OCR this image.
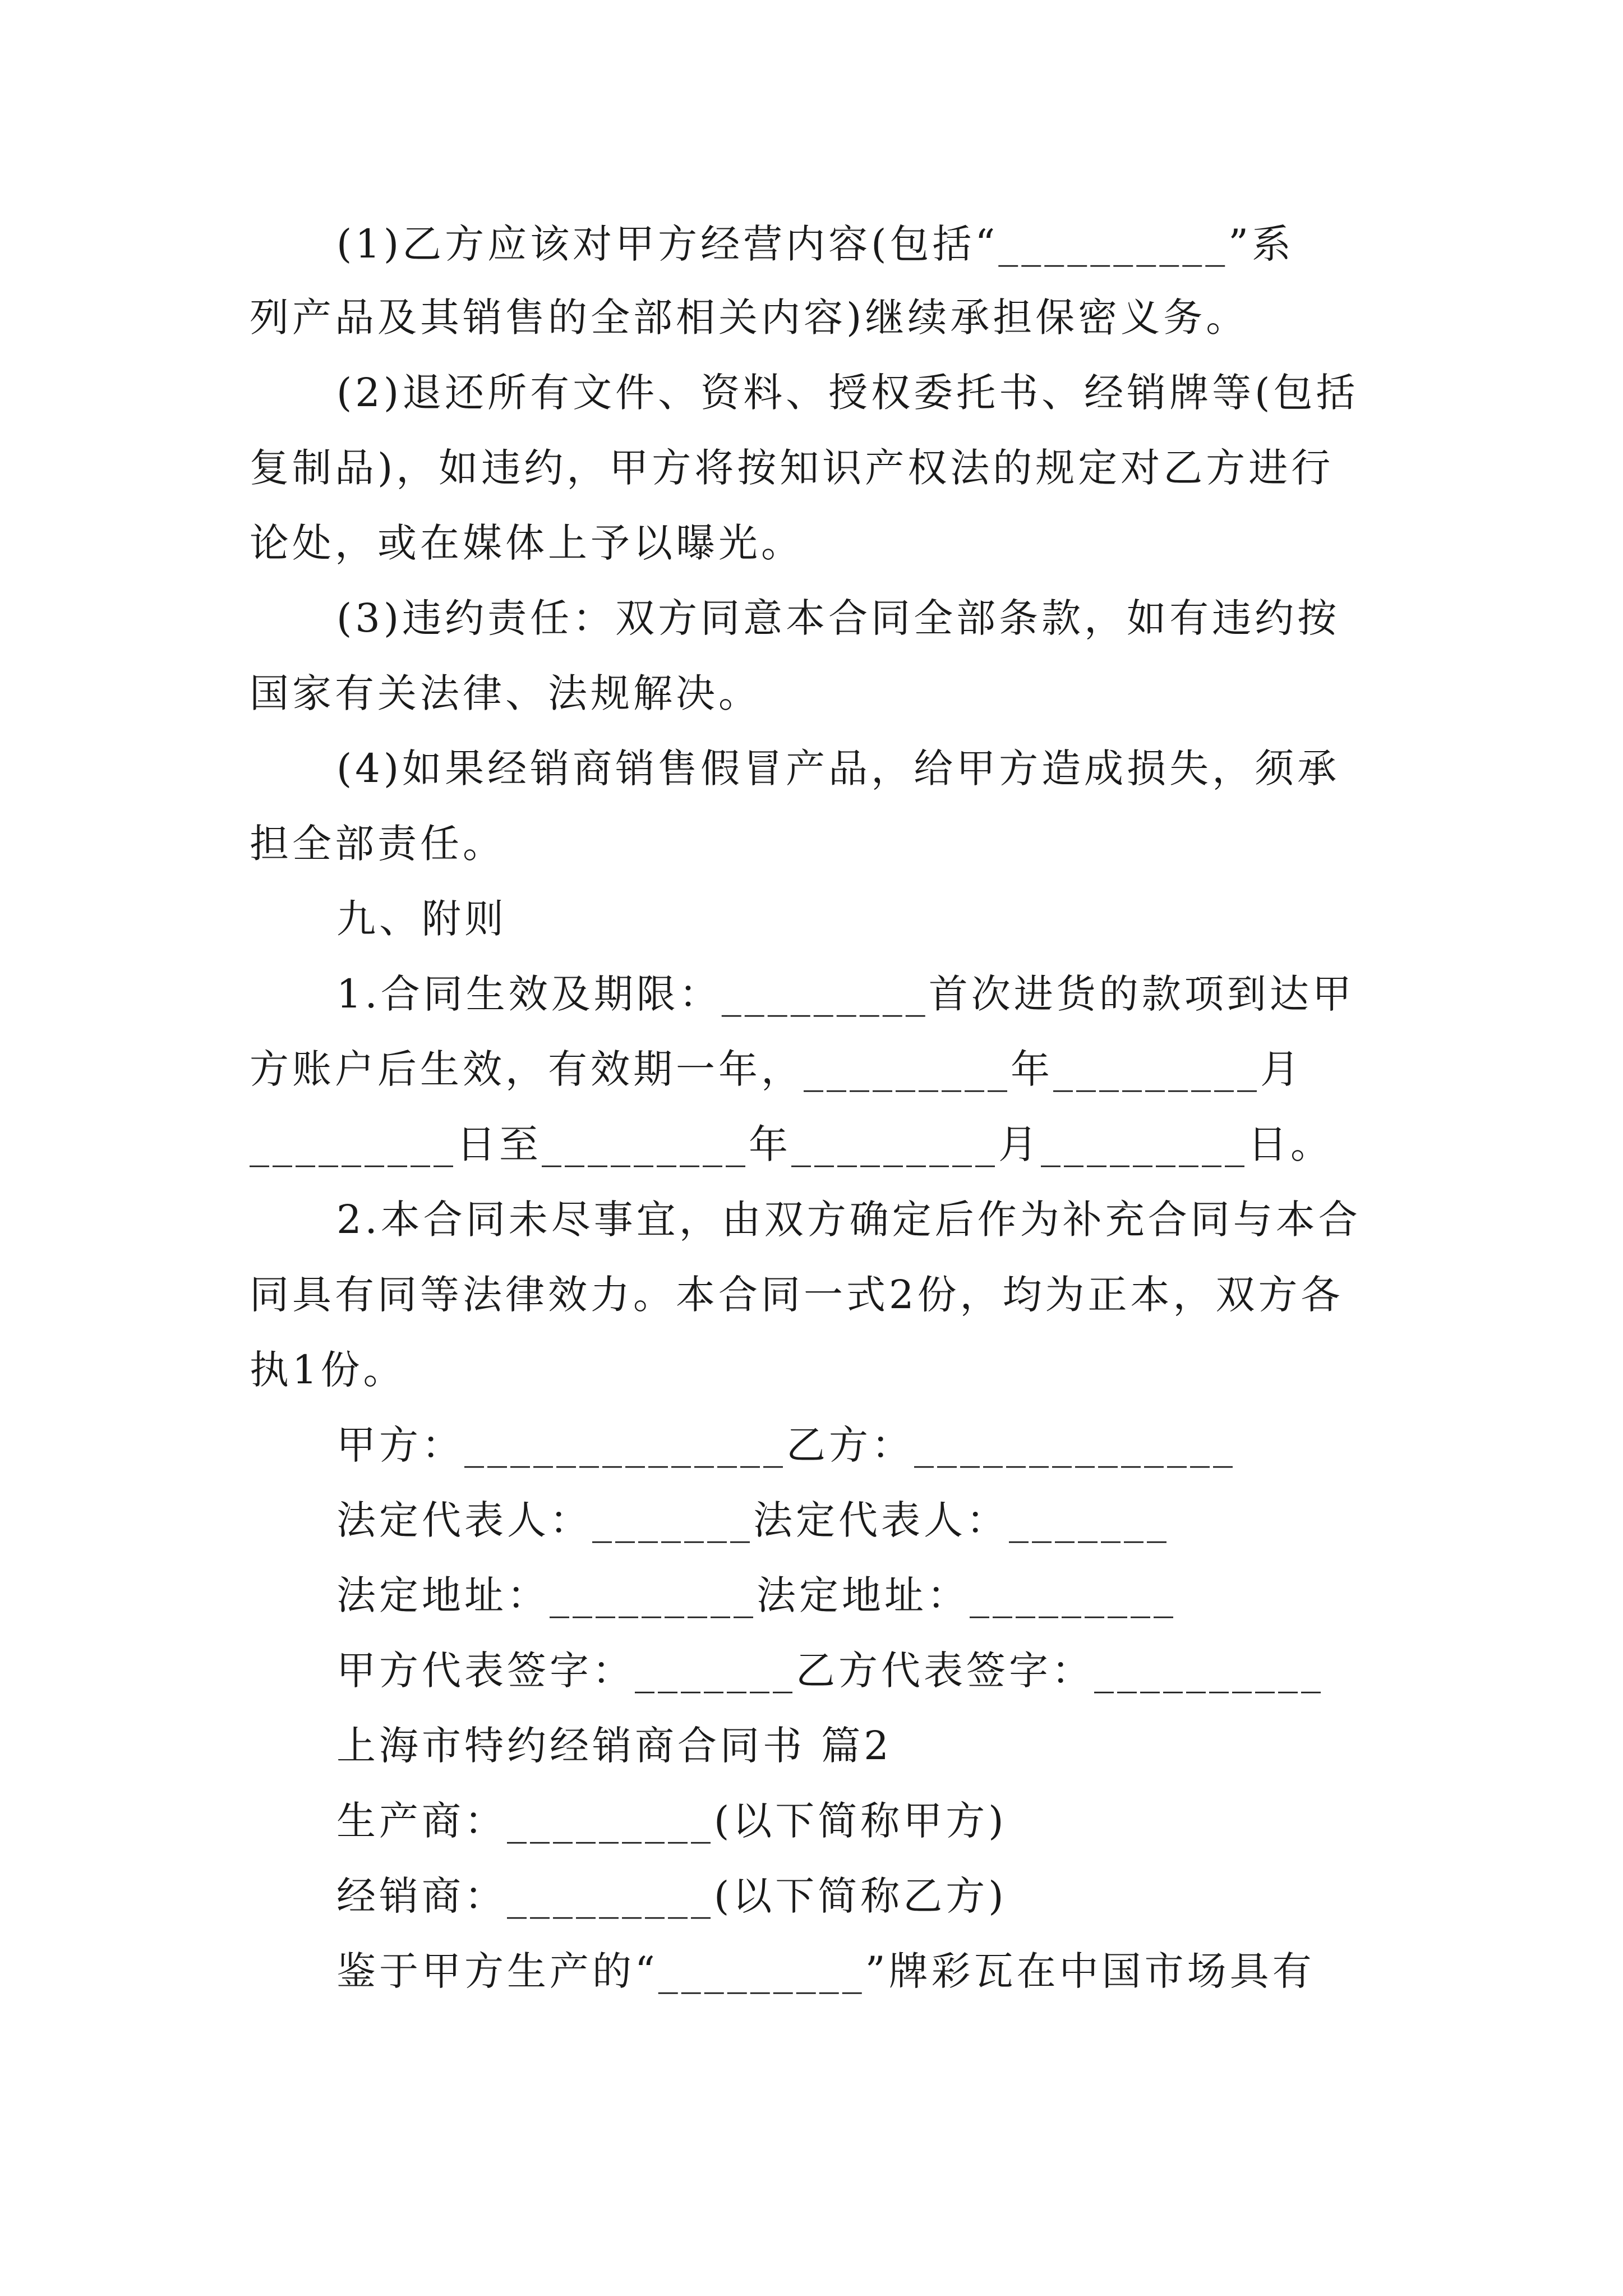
(1)乙方应该对甲方经营内容(包括“__________”系
列产品及其销售的全部相关内容)继续承担保密义务。
(2)退还所有文件、资料、授权委托书、经销牌等(包括
复制品)，如违约，甲方将按知识产权法的规定对乙方进行
论处，或在媒体上予以曝光。
(3)违约责任：双方同意本合同全部条款，如有违约按
国家有关法律、法规解决。
(4)如果经销商销售假冒产品，给甲方造成损失，须承
担全部责任。
九、附则
1.合同生效及期限：_________首次进货的款项到达甲
方账户后生效，有效期一年，_________年_________月
_________日至_________年_________月_________日。
2.本合同未尽事宜，由双方确定后作为补充合同与本合
同具有同等法律效力。本合同一式2份，均为正本，双方各
执1份。
甲方：______________乙方：______________
法定代表人：_______法定代表人：_______
法定地址：_________法定地址：_________
甲方代表签字：_______乙方代表签字：__________
上海市特约经销商合同书 篇2
生产商：_________(以下简称甲方)
经销商：_________(以下简称乙方)
鉴于甲方生产的“_________”牌彩瓦在中国市场具有
